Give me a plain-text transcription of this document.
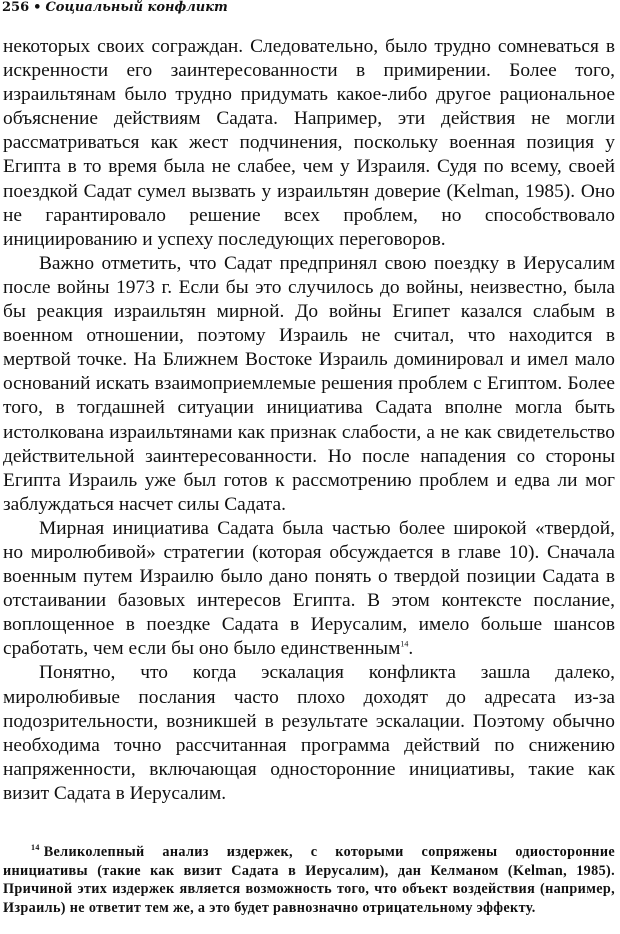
256 • Социальный конфликт

некоторых своих сограждан. Следовательно, было трудно сомневаться в искренности его заинтересованности в примирении. Более того, израильтянам было трудно придумать какое-либо другое рациональное объяснение действиям Садата. Например, эти действия не могли рассматриваться как жест подчинения, поскольку военная позиция у Египта в то время была не слабее, чем у Израиля. Судя по всему, своей поездкой Садат сумел вызвать у израильтян доверие (Kelman, 1985). Оно не гарантировало решение всех проблем, но способствовало инициированию и успеху последующих переговоров.

Важно отметить, что Садат предпринял свою поездку в Иерусалим после войны 1973 г. Если бы это случилось до войны, неизвестно, была бы реакция израильтян мирной. До войны Египет казался слабым в военном отношении, поэтому Израиль не считал, что находится в мертвой точке. На Ближнем Востоке Израиль доминировал и имел мало оснований искать взаимоприемлемые решения проблем с Египтом. Более того, в тогдашней ситуации инициатива Садата вполне могла быть истолкована израильтянами как признак слабости, а не как свидетельство действительной заинтересованности. Но после нападения со стороны Египта Израиль уже был готов к рассмотрению проблем и едва ли мог заблуждаться насчет силы Садата.

Мирная инициатива Садата была частью более широкой «твердой, но миролюбивой» стратегии (которая обсуждается в главе 10). Сначала военным путем Израилю было дано понять о твердой позиции Садата в отстаивании базовых интересов Египта. В этом контексте послание, воплощенное в поездке Садата в Иерусалим, имело больше шансов сработать, чем если бы оно было единственным$^{14}$.

Понятно, что когда эскалация конфликта зашла далеко, миролюбивые послания часто плохо доходят до адресата из-за подозрительности, возникшей в результате эскалации. Поэтому обычно необходима точно рассчитанная программа действий по снижению напряженности, включающая односторонние инициативы, такие как визит Садата в Иерусалим.

$^{14}$ Великолепный анализ издержек, с которыми сопряжены одиосторонние инициативы (такие как визит Садата в Иерусалим), дан Келманом (Kelman, 1985). Причиной этих издержек является возможность того, что объект воздействия (например, Израиль) не ответит тем же, а это будет равнозначно отрицательному эффекту.
